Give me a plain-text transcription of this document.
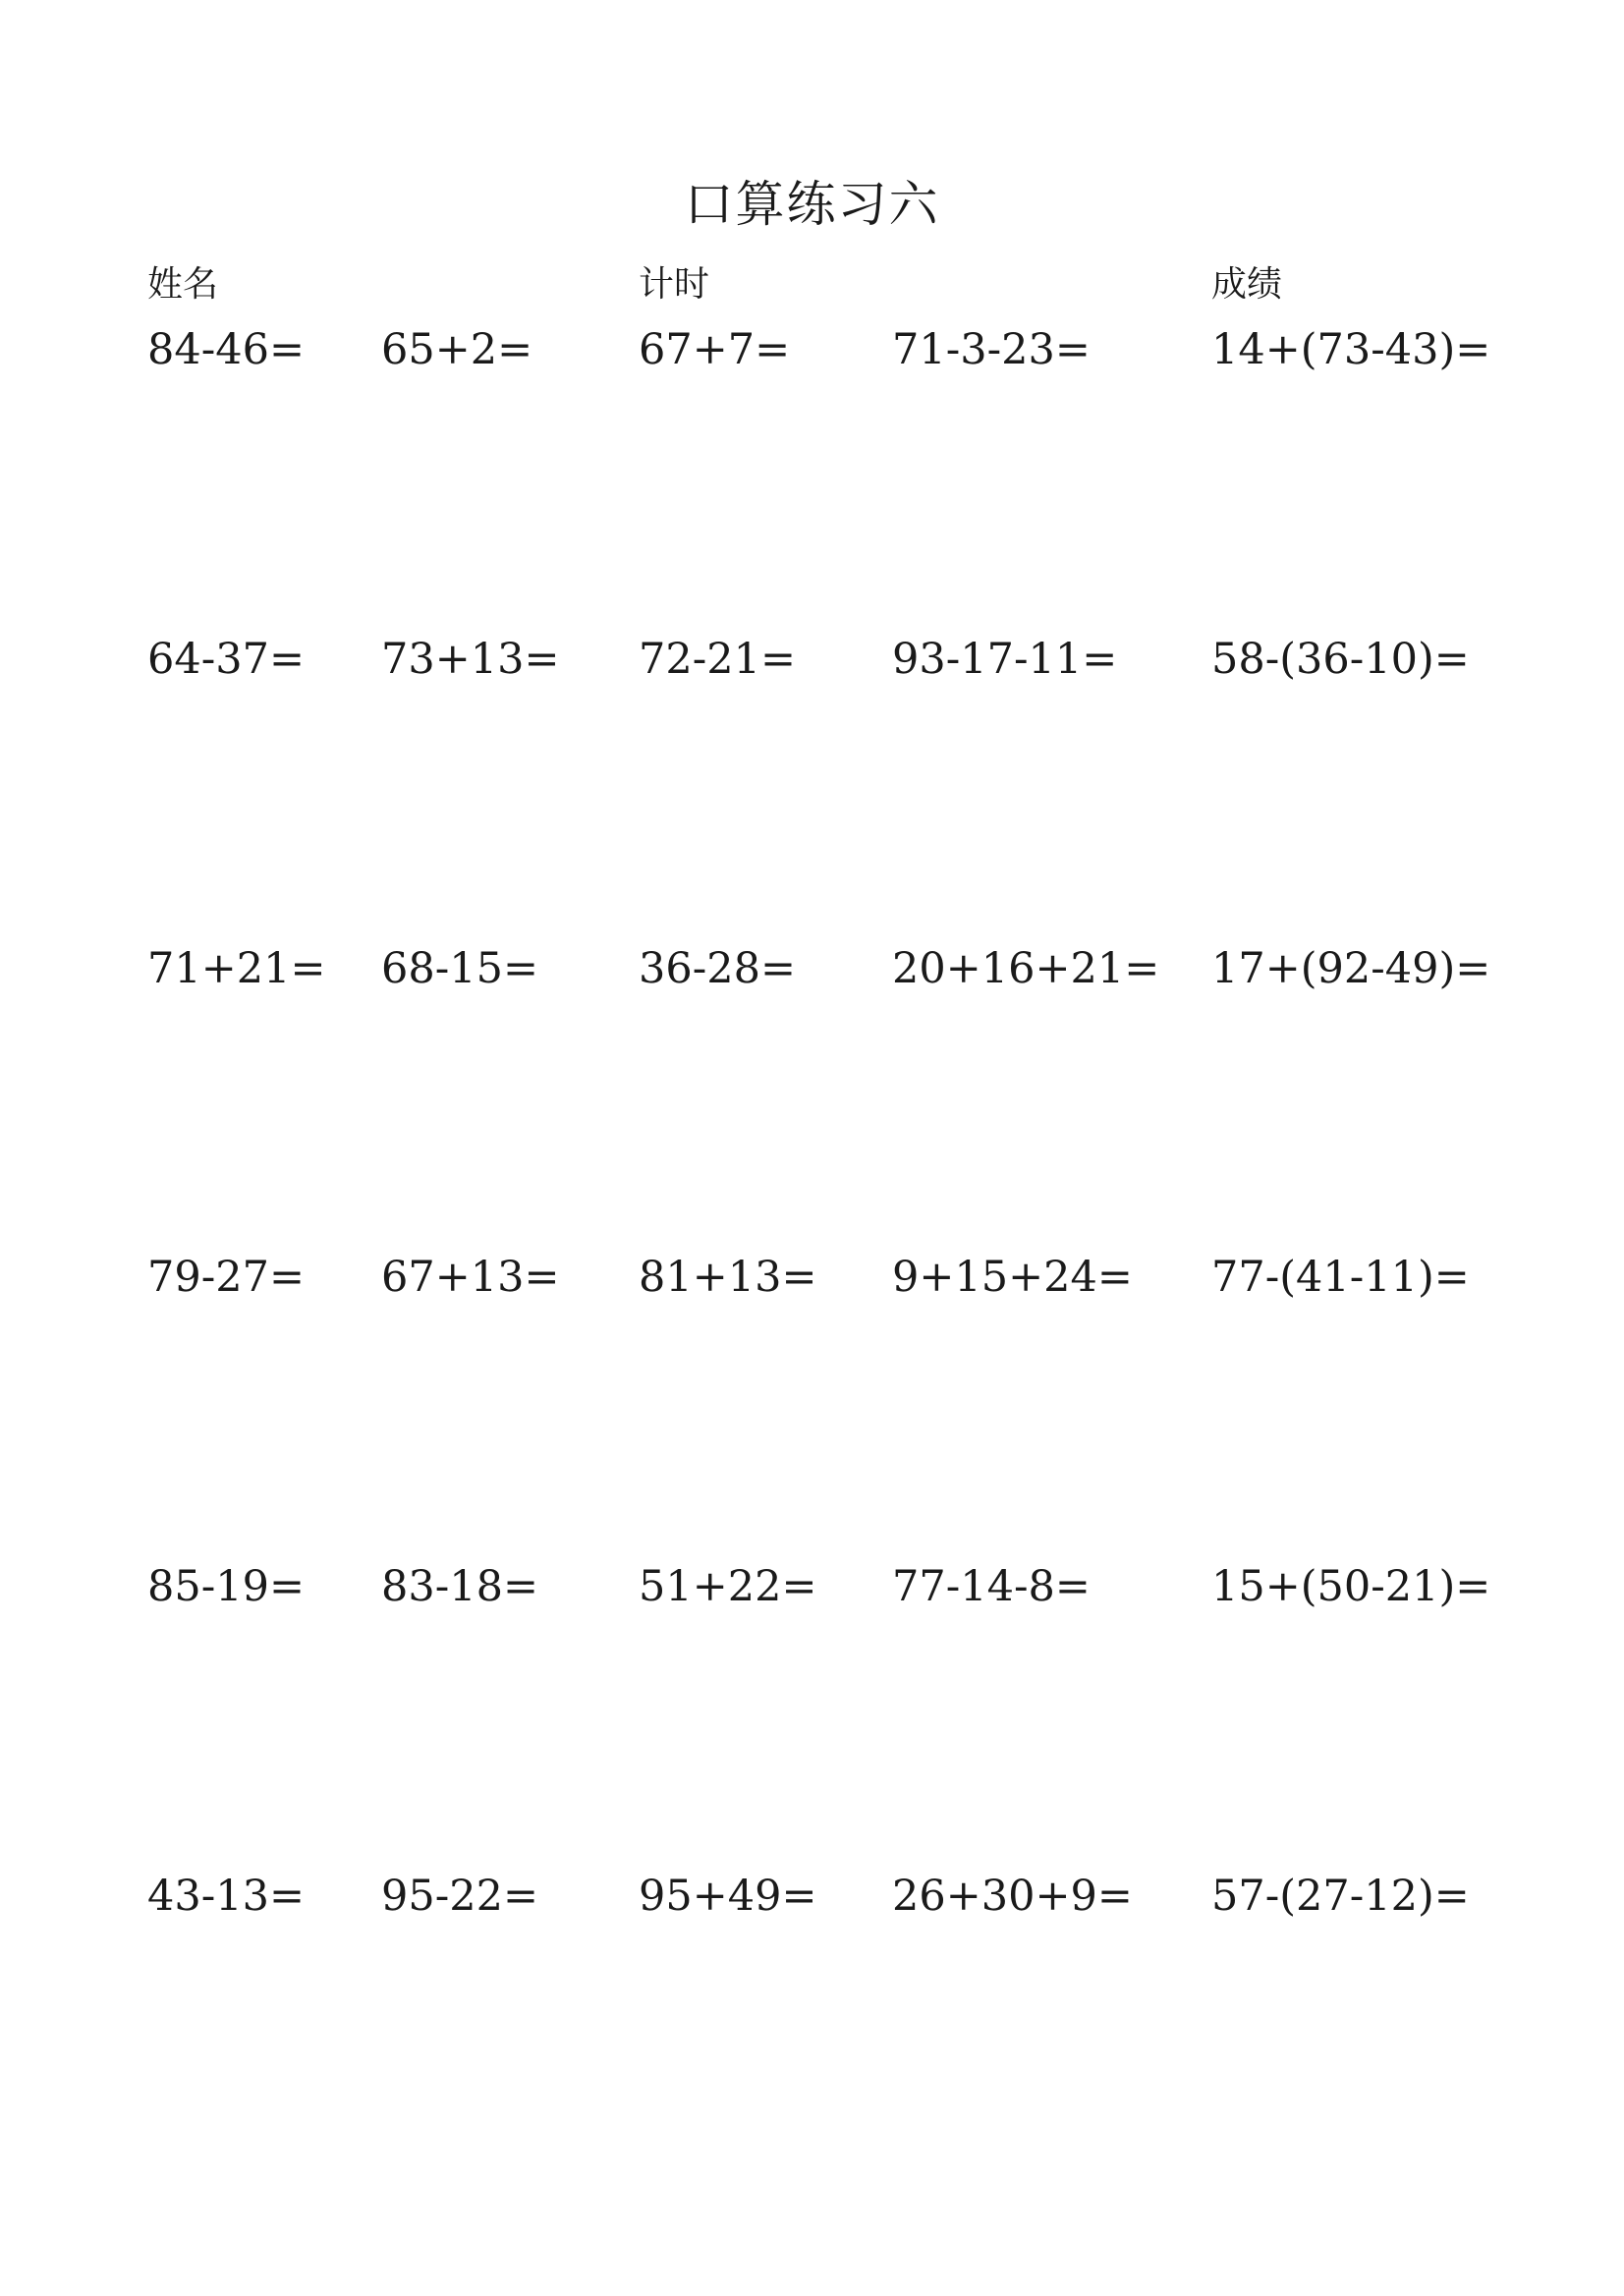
口算练习六
姓名	计时	成绩
84-46= 65+2=	67+7= 71-3-23=	14+(73-43)=
64-37= 73+13= 72-21= 93-17-11= 58-(36-10)=
71+21= 68-15= 36-28= 20+16+21= 17+(92-49)=
79-27= 67+13= 81+13= 9+15+24= 77-(41-11)=
85-19= 83-18= 51+22= 77-14-8=	15+(50-21)=
43-13= 95-22= 95+49= 26+30+9= 57-(27-12)=
